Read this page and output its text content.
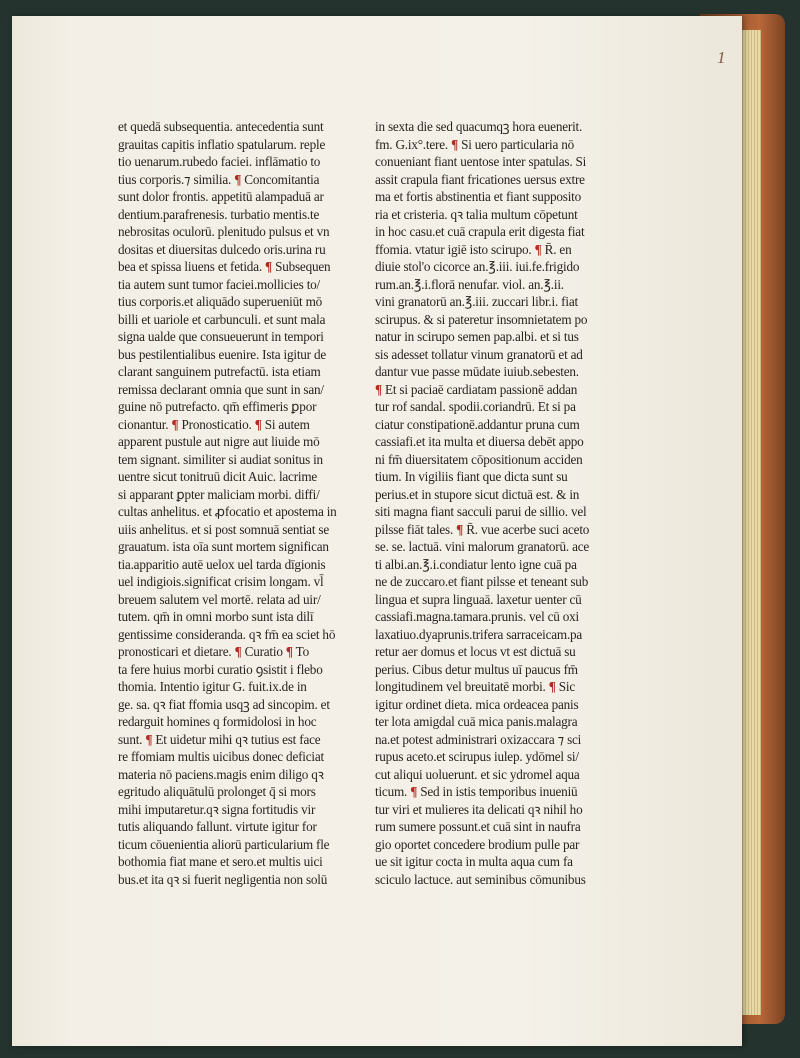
1
et quedā subsequentia. antecedentia sunt
grauitas capitis inflatio spatularum. reple
tio uenarum.rubedo faciei. inflāmatio to
tius corporis.⁊ similia. ¶ Concomitantia
sunt dolor frontis. appetitū alampaduā ar
dentium.parafrenesis. turbatio mentis.te
nebrositas oculorū. plenitudo pulsus et vn
dositas et diuersitas dulcedo oris.urina ru
bea et spissa liuens et fetida. ¶ Subsequen
tia autem sunt tumor faciei.mollicies to/
tius corporis.et aliquādo superueniūt mō
billi et uariole et carbunculi. et sunt mala
signa ualde que consueuerunt in tempori
bus pestilentialibus euenire. Ista igitur de
clarant sanguinem putrefactū. ista etiam
remissa declarant omnia que sunt in san/
guine nō putrefacto. qm̄ effimeris ꝑpor
cionantur. ¶ Pronosticatio. ¶ Si autem
apparent pustule aut nigre aut liuide mō
tem signant. similiter si audiat sonitus in
uentre sicut tonitruū dicit Auic. lacrime
si apparant ꝑpter maliciam morbi. diffi/
cultas anhelitus. et ꝓfocatio et apostema in
uiis anhelitus. et si post somnuā sentiat se
grauatum. ista oīa sunt mortem significan
tia.apparitio autē uelox uel tarda dīgionis
uel indigiois.significat crisim longam. vl̄
breuem salutem vel mortē. relata ad uir/
tutem. qm̄ in omni morbo sunt ista dilī
gentissime consideranda. qꝛ fm̄ ea sciet hō
pronosticari et dietare. ¶ Curatio ¶ To
ta fere huius morbi curatio ꝯsistit i flebo
thomia. Intentio igitur G. fuit.ix.de in
ge. sa. qꝛ fiat ffomia usqꝫ ad sincopim. et
redarguit homines q formidolosi in hoc
sunt. ¶ Et uidetur mihi qꝛ tutius est face
re ffomiam multis uicibus donec deficiat
materia nō paciens.magis enim diligo qꝛ
egritudo aliquātulū prolonget q̄ si mors
mihi imputaretur.qꝛ signa fortitudis vir
tutis aliquando fallunt. virtute igitur for
ticum cōuenientia aliorū particularium fle
bothomia fiat mane et sero.et multis uici
bus.et ita qꝛ si fuerit negligentia non solū
in sexta die sed quacumqꝫ hora euenerit.
fm. G.ix°.tere. ¶ Si uero particularia nō
conueniant fiant uentose inter spatulas. Si
assit crapula fiant fricationes uersus extre
ma et fortis abstinentia et fiant supposito
ria et cristeria. qꝛ talia multum cōpetunt
in hoc casu.et cuā crapula erit digesta fiat
ffomia. vtatur igiē isto scirupo. ¶ R̄. en
diuie stol'o cicorce an.℥.iii. iui.fe.frigido
rum.an.℥.i.florā nenufar. viol. an.℥.ii.
vini granatorū an.℥.iii. zuccari libr.i. fiat
scirupus. & si pateretur insomnietatem po
natur in scirupo semen pap.albi. et si tus
sis adesset tollatur vinum granatorū et ad
dantur vue passe mūdate iuiub.sebesten.
¶ Et si paciaē cardiatam passionē addan
tur rof sandal. spodii.coriandrū. Et si pa
ciatur constipationē.addantur pruna cum
cassiafi.et ita multa et diuersa debēt appo
ni fm̄ diuersitatem cōpositionum acciden
tium. In vigiliis fiant que dicta sunt su
perius.et in stupore sicut dictuā est. & in
siti magna fiant sacculi parui de sillio. vel
pilsse fiāt tales. ¶ R̄. vue acerbe suci aceto
se. se. lactuā. vini malorum granatorū. ace
ti albi.an.℥.i.condiatur lento igne cuā pa
ne de zuccaro.et fiant pilsse et teneant sub
lingua et supra linguaā. laxetur uenter cū
cassiafi.magna.tamara.prunis. vel cū oxi
laxatiuo.dyaprunis.trifera sarraceicam.pa
retur aer domus et locus vt est dictuā su
perius. Cibus detur multus uī paucus fm̄
longitudinem vel breuitatē morbi. ¶ Sic
igitur ordinet dieta. mica ordeacea panis
ter lota amigdal cuā mica panis.malagra
na.et potest administrari oxizaccara ⁊ sci
rupus aceto.et scirupus iulep. ydōmel si/
cut aliqui uoluerunt. et sic ydromel aqua
ticum. ¶ Sed in istis temporibus inueniū
tur viri et mulieres ita delicati qꝛ nihil ho
rum sumere possunt.et cuā sint in naufra
gio oportet concedere brodium pulle par
ue sit igitur cocta in multa aqua cum fa
sciculo lactuce. aut seminibus cōmunibus
